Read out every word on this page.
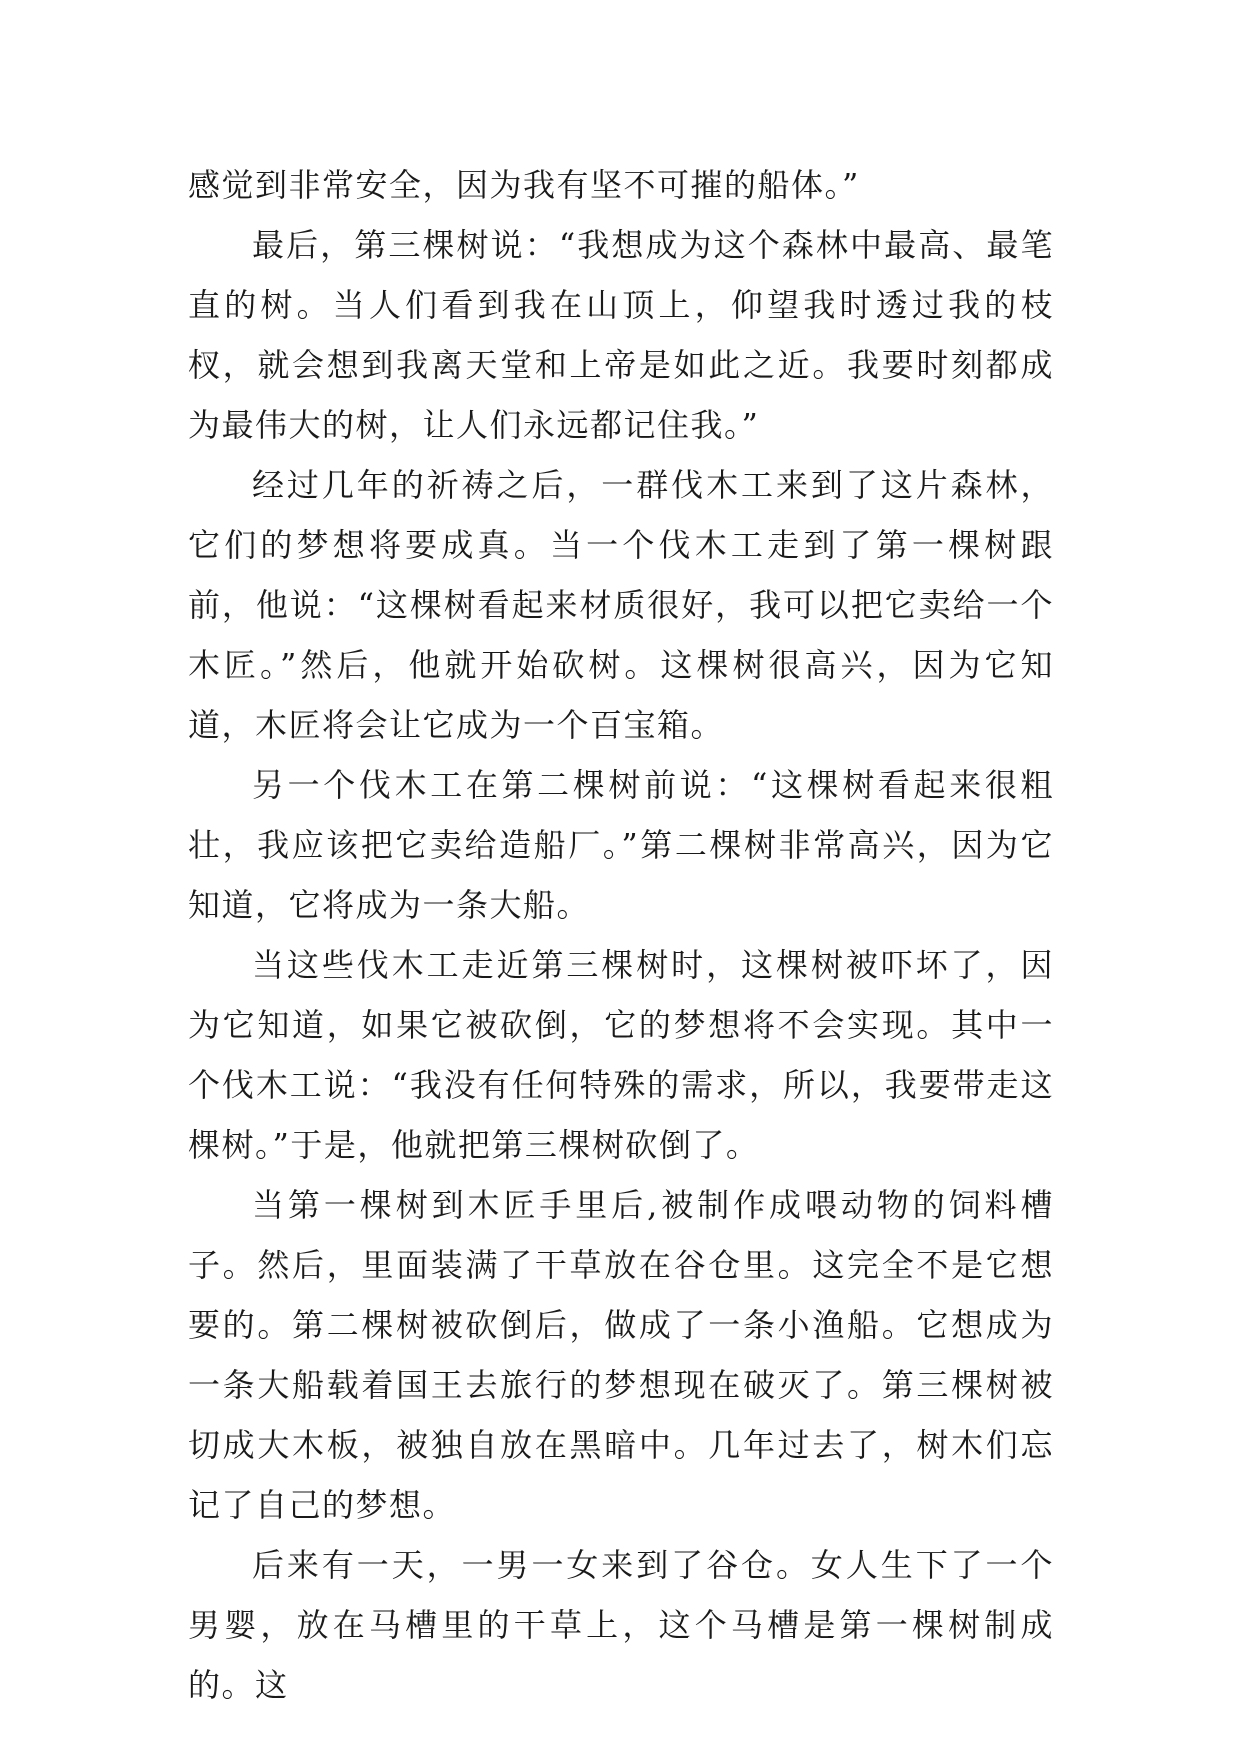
感觉到非常安全，因为我有坚不可摧的船体。”

最后，第三棵树说：“我想成为这个森林中最高、最笔直的树。当人们看到我在山顶上，仰望我时透过我的枝杈，就会想到我离天堂和上帝是如此之近。我要时刻都成为最伟大的树，让人们永远都记住我。”

经过几年的祈祷之后，一群伐木工来到了这片森林，它们的梦想将要成真。当一个伐木工走到了第一棵树跟前，他说：“这棵树看起来材质很好，我可以把它卖给一个木匠。”然后，他就开始砍树。这棵树很高兴，因为它知道，木匠将会让它成为一个百宝箱。

另一个伐木工在第二棵树前说：“这棵树看起来很粗壮，我应该把它卖给造船厂。”第二棵树非常高兴，因为它知道，它将成为一条大船。

当这些伐木工走近第三棵树时，这棵树被吓坏了，因为它知道，如果它被砍倒，它的梦想将不会实现。其中一个伐木工说：“我没有任何特殊的需求，所以，我要带走这棵树。”于是，他就把第三棵树砍倒了。

当第一棵树到木匠手里后,被制作成喂动物的饲料槽子。然后，里面装满了干草放在谷仓里。这完全不是它想要的。第二棵树被砍倒后，做成了一条小渔船。它想成为一条大船载着国王去旅行的梦想现在破灭了。第三棵树被切成大木板，被独自放在黑暗中。几年过去了，树木们忘记了自己的梦想。

后来有一天，一男一女来到了谷仓。女人生下了一个男婴，放在马槽里的干草上，这个马槽是第一棵树制成的。这
